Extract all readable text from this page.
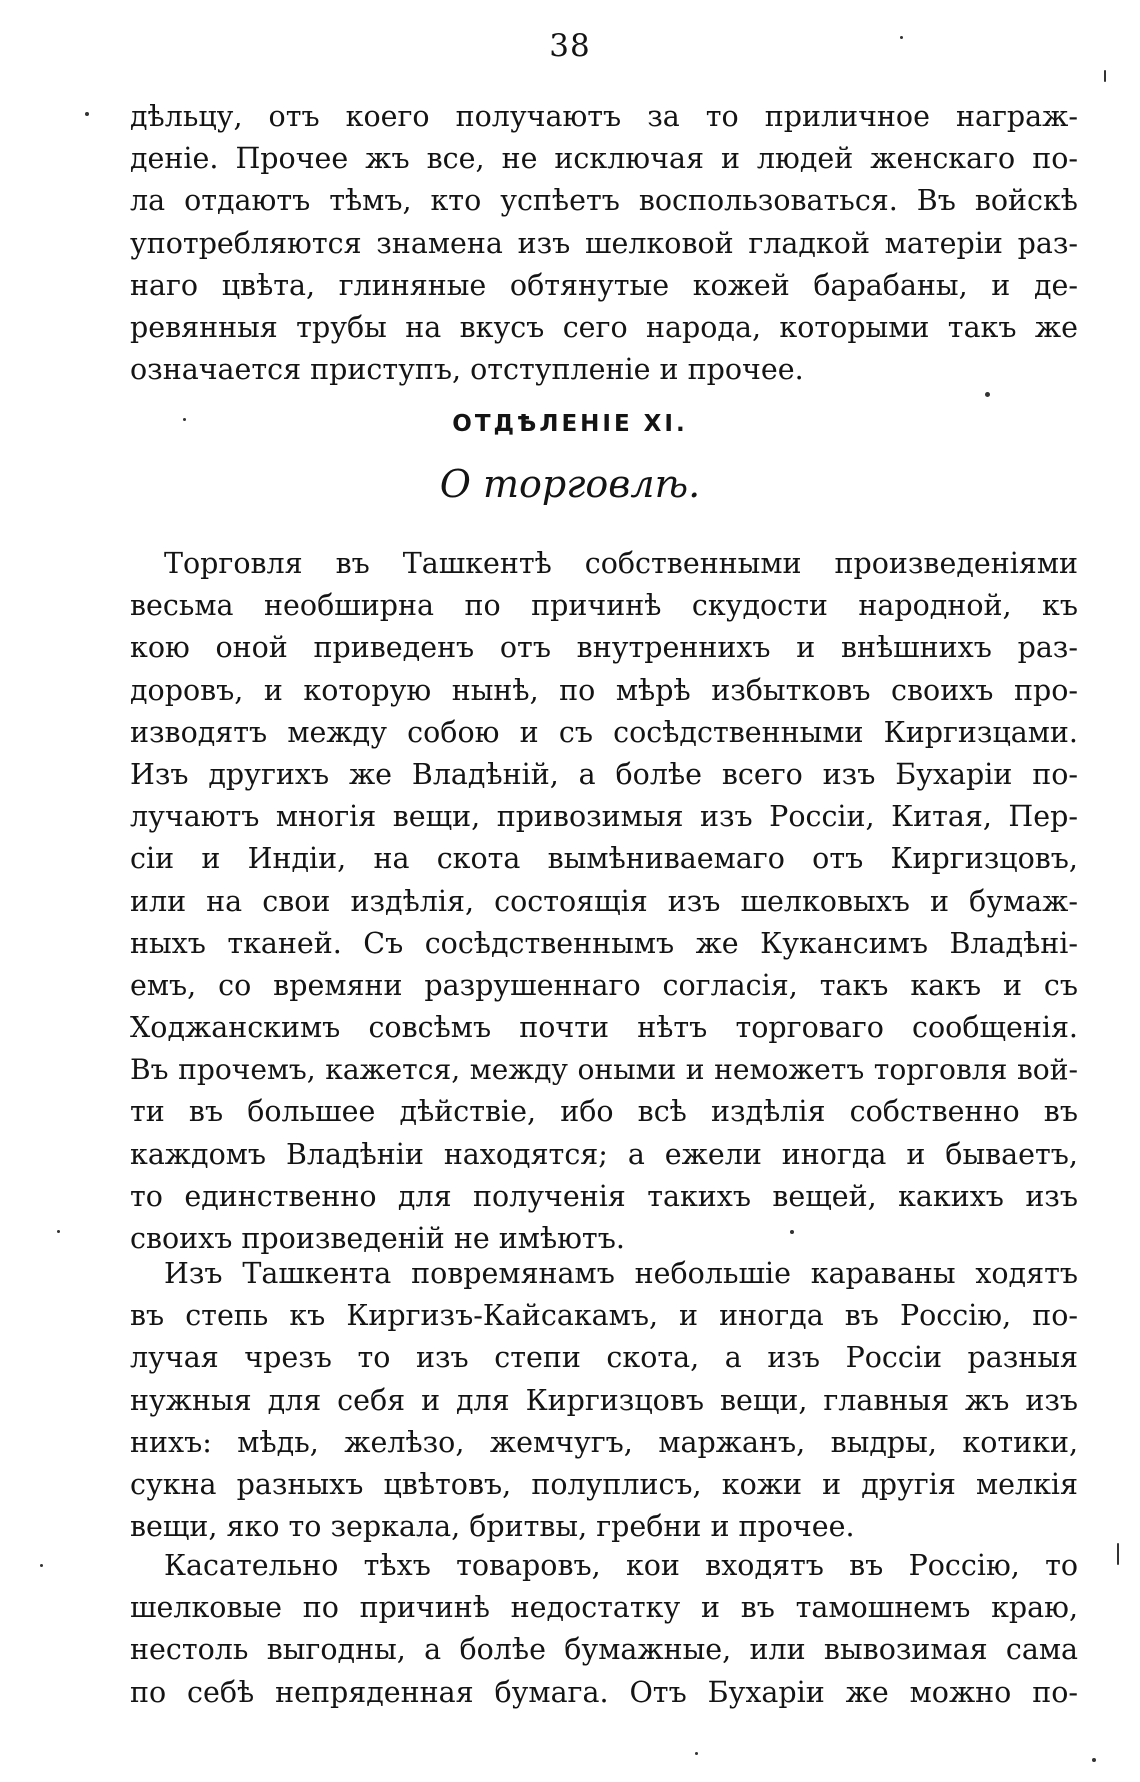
38
дѣльцу, отъ коего получаютъ за то приличное награж-
деніе. Прочее жъ все, не исключая и людей женскаго по-
ла отдаютъ тѣмъ, кто успѣетъ воспользоваться. Въ войскѣ
употребляются знамена изъ шелковой гладкой матеріи раз-
наго цвѣта, глиняные обтянутые кожей барабаны, и де-
ревянныя трубы на вкусъ сего народа, которыми такъ же
означается приступъ, отступленіе и прочее.
ОТДѢЛЕНІЕ XI.
О торговлѣ.
Торговля въ Ташкентѣ собственными произведеніями
весьма необширна по причинѣ скудости народной, къ
кою оной приведенъ отъ внутреннихъ и внѣшнихъ раз-
доровъ, и которую нынѣ, по мѣрѣ избытковъ своихъ про-
изводятъ между собою и съ сосѣдственными Киргизцами.
Изъ другихъ же Владѣній, а болѣе всего изъ Бухаріи по-
лучаютъ многія вещи, привозимыя изъ Россіи, Китая, Пер-
сіи и Индіи, на скота вымѣниваемаго отъ Киргизцовъ,
или на свои издѣлія, состоящія изъ шелковыхъ и бумаж-
ныхъ тканей. Съ сосѣдственнымъ же Кукансимъ Владѣні-
емъ, со времяни разрушеннаго согласія, такъ какъ и съ
Ходжанскимъ совсѣмъ почти нѣтъ торговаго сообщенія.
Въ прочемъ, кажется, между оными и неможетъ торговля вой-
ти въ большее дѣйствіе, ибо всѣ издѣлія собственно въ
каждомъ Владѣніи находятся; а ежели иногда и бываетъ,
то единственно для полученія такихъ вещей, какихъ изъ
своихъ произведеній не имѣютъ.
Изъ Ташкента повремянамъ небольшіе караваны ходятъ
въ степь къ Киргизъ-Кайсакамъ, и иногда въ Россію, по-
лучая чрезъ то изъ степи скота, а изъ Россіи разныя
нужныя для себя и для Киргизцовъ вещи, главныя жъ изъ
нихъ: мѣдь, желѣзо, жемчугъ, маржанъ, выдры, котики,
сукна разныхъ цвѣтовъ, полуплисъ, кожи и другія мелкія
вещи, яко то зеркала, бритвы, гребни и прочее.
Касательно тѣхъ товаровъ, кои входятъ въ Россію, то
шелковые по причинѣ недостатку и въ тамошнемъ краю,
нестоль выгодны, а болѣе бумажные, или вывозимая сама
по себѣ непряденная бумага. Отъ Бухаріи же можно по-
